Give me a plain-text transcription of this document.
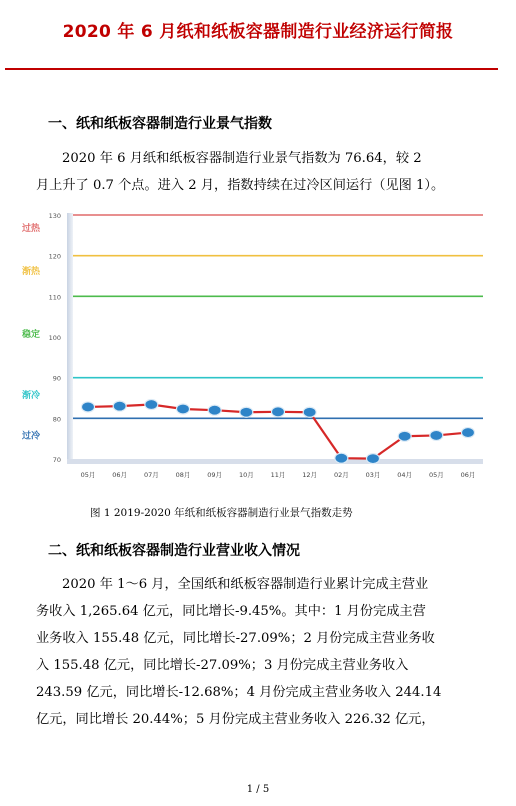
2020 年 6 月纸和纸板容器制造行业经济运行简报
一、纸和纸板容器制造行业景气指数

2020 年 6 月纸和纸板容器制造行业景气指数为 76.64，较 2

月上升了 0.7 个点。进入 2 月，指数持续在过冷区间运行（见图 1）。

70
80
90
100
110
120
130
过热
渐热
稳定
渐冷
过冷
05月	06月	07月	08月	09月	10月	11月	12月	02月	03月	04月	05月	06月
图 1 2019-2020 年纸和纸板容器制造行业景气指数走势
二、纸和纸板容器制造行业营业收入情况

2020 年 1～6 月，全国纸和纸板容器制造行业累计完成主营业

务收入 1,265.64 亿元，同比增长-9.45%。其中：1 月份完成主营

业务收入 155.48 亿元，同比增长-27.09%；2 月份完成主营业务收

入 155.48 亿元，同比增长-27.09%；3 月份完成主营业务收入

243.59 亿元，同比增长-12.68%；4 月份完成主营业务收入 244.14

亿元，同比增长 20.44%；5 月份完成主营业务收入 226.32 亿元，

1 / 5
